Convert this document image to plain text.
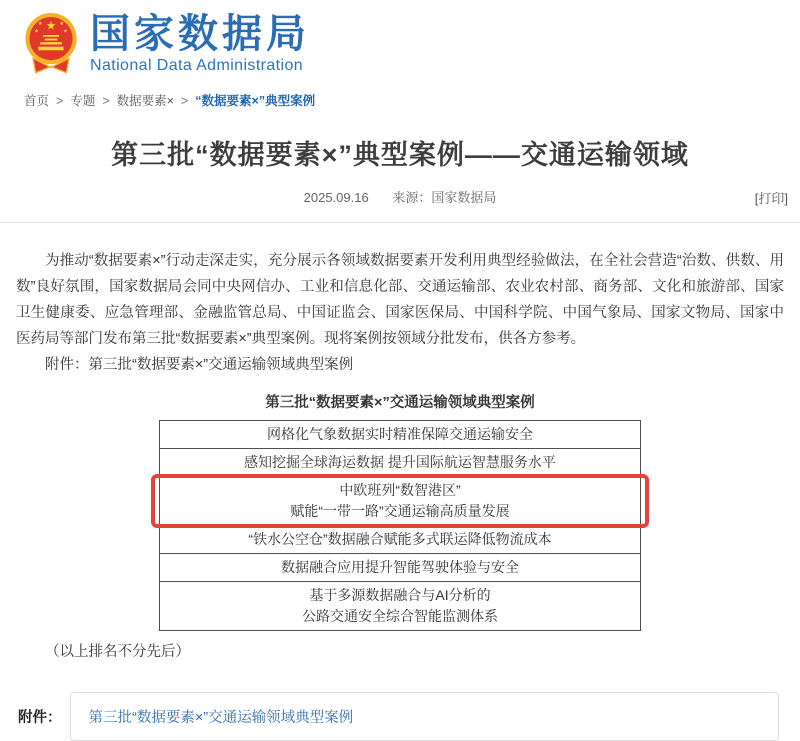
★
★	★
★	★ 国家数据局
National Data Administration
首页 > 专题 > 数据要素× > “数据要素×”典型案例
第三批“数据要素×”典型案例——交通运输领域
2025.09.16 来源：国家数据局	[打印]

为推动“数据要素×”行动走深走实，充分展示各领域数据要素开发利用典型经验做法，在全社会营造“治数、供数、用数”良好氛围，国家数据局会同中央网信办、工业和信息化部、交通运输部、农业农村部、商务部、文化和旅游部、国家卫生健康委、应急管理部、金融监管总局、中国证监会、国家医保局、中国科学院、中国气象局、国家文物局、国家中医药局等部门发布第三批“数据要素×”典型案例。现将案例按领域分批发布，供各方参考。

附件：第三批“数据要素×”交通运输领域典型案例

第三批“数据要素×”交通运输领域典型案例
网格化气象数据实时精准保障交通运输安全
感知挖掘全球海运数据 提升国际航运智慧服务水平
中欧班列“数智港区”
赋能“一带一路”交通运输高质量发展

“铁水公空仓”数据融合赋能多式联运降低物流成本
数据融合应用提升智能驾驶体验与安全
基于多源数据融合与AI分析的
公路交通安全综合智能监测体系

（以上排名不分先后）

附件：	第三批“数据要素×”交通运输领域典型案例
